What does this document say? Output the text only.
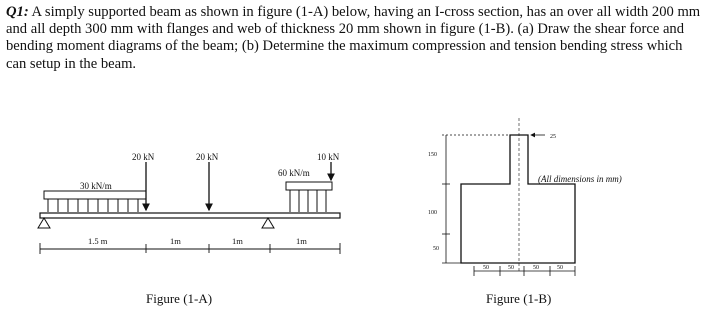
Q1: A simply supported beam as shown in figure (1-A) below, having an I-cross section, has an over all width 200 mm and all depth 300 mm with flanges and web of thickness 20 mm shown in figure (1-B). (a) Draw the shear force and bending moment diagrams of the beam; (b) Determine the maximum compression and tension bending stress which can setup in the beam.

30 kN/m
60 kN/m
20 kN	20 kN	10 kN
1.5 m	1m	1m	1m
25
150
100
50
50	50	50	50
(All dimensions in mm)
Figure (1-A)	Figure (1-B)
